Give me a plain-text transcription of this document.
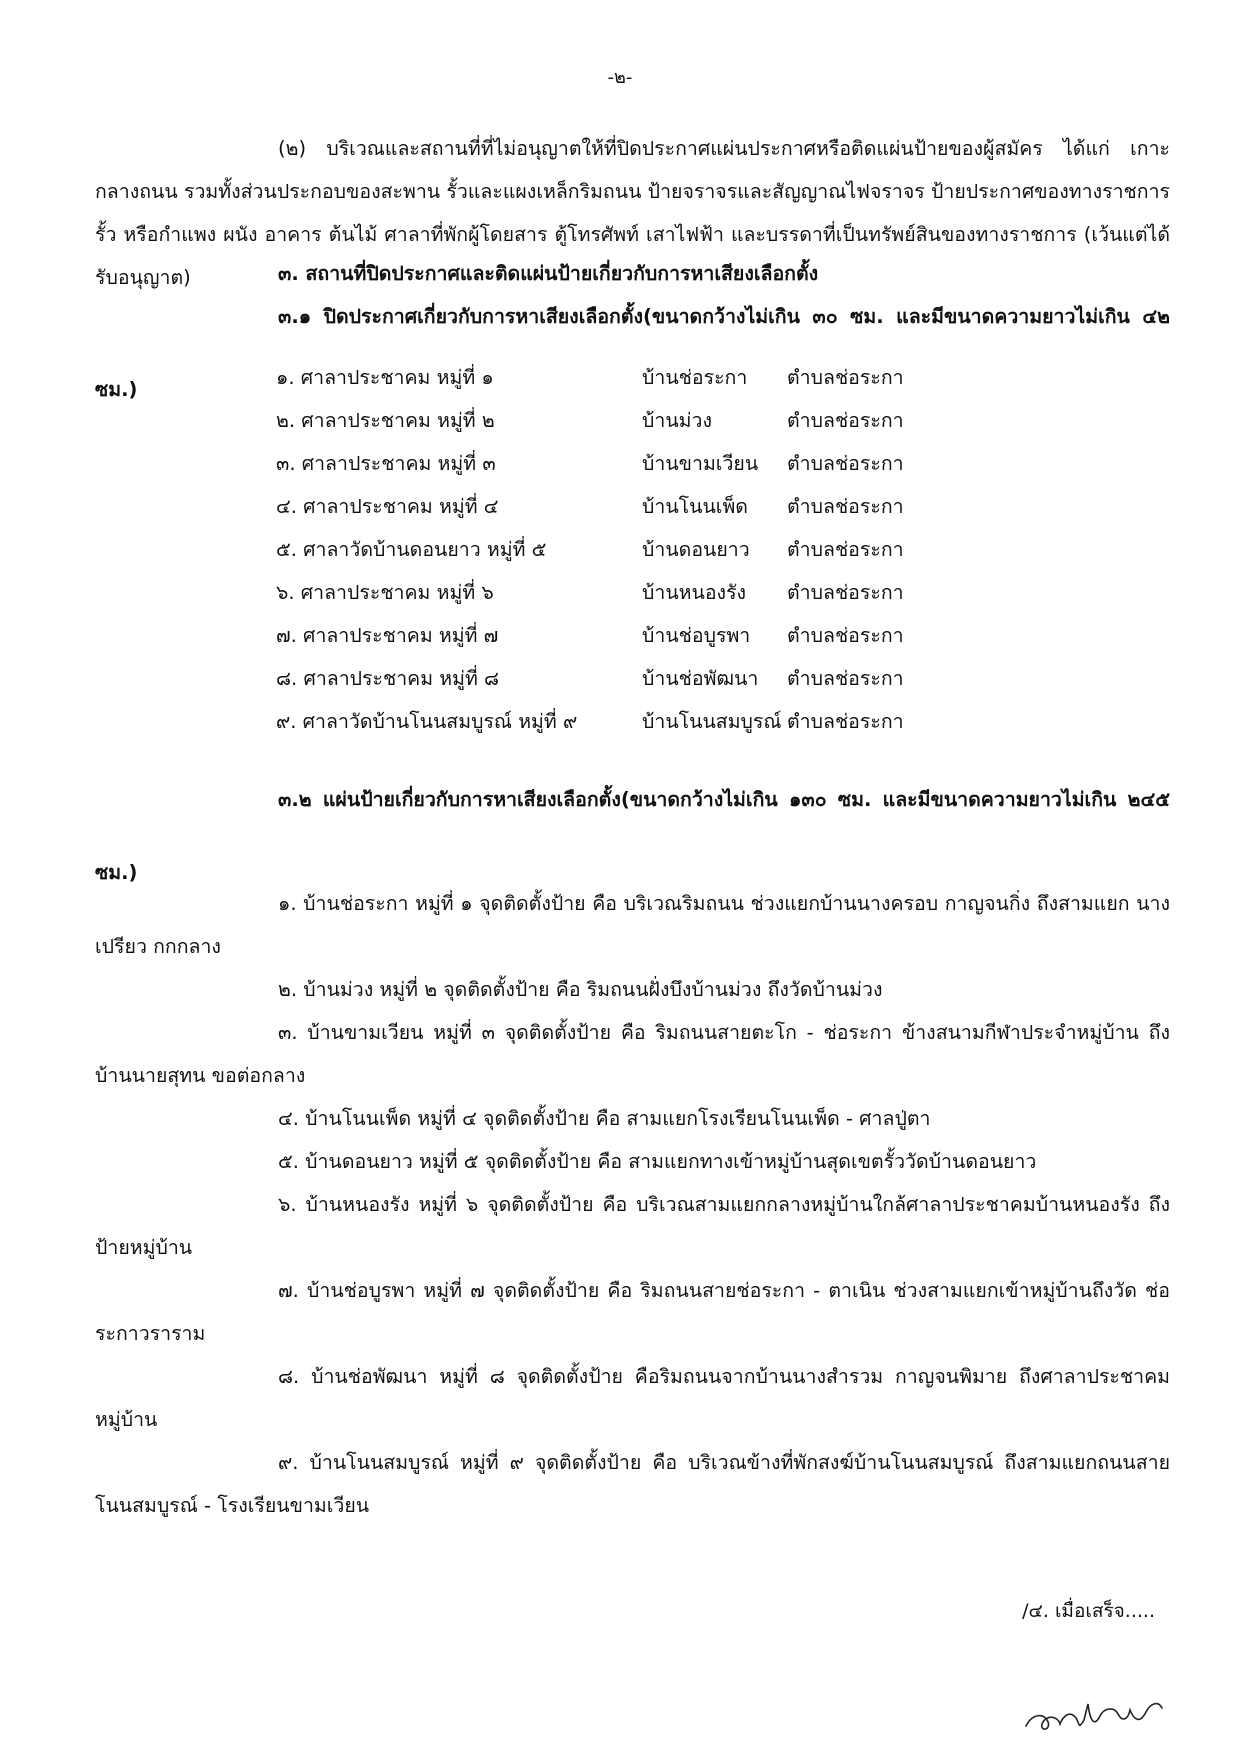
-๒-

(๒) บริเวณและสถานที่ที่ไม่อนุญาตให้ที่ปิดประกาศแผ่นประกาศหรือติดแผ่นป้ายของผู้สมัคร ได้แก่ เกาะกลางถนน รวมทั้งส่วนประกอบของสะพาน รั้วและแผงเหล็กริมถนน ป้ายจราจรและสัญญาณไฟจราจร ป้ายประกาศของทางราชการ รั้ว หรือกำแพง ผนัง อาคาร ต้นไม้ ศาลาที่พักผู้โดยสาร ตู้โทรศัพท์ เสาไฟฟ้า และบรรดาที่เป็นทรัพย์สินของทางราชการ (เว้นแต่ได้รับอนุญาต)	๓. สถานที่ปิดประกาศและติดแผ่นป้ายเกี่ยวกับการหาเสียงเลือกตั้ง

๓.๑ ปิดประกาศเกี่ยวกับการหาเสียงเลือกตั้ง(ขนาดกว้างไม่เกิน ๓๐ ซม. และมีขนาดความยาวไม่เกิน ๔๒ ซม.)

๑. ศาลาประชาคม หมู่ที่ ๑	บ้านช่อระกา ตำบลช่อระกา
๒. ศาลาประชาคม หมู่ที่ ๒	บ้านม่วง	ตำบลช่อระกา
๓. ศาลาประชาคม หมู่ที่ ๓	บ้านขามเวียน ตำบลช่อระกา
๔. ศาลาประชาคม หมู่ที่ ๔	บ้านโนนเพ็ด ตำบลช่อระกา
๕. ศาลาวัดบ้านดอนยาว หมู่ที่ ๕	บ้านดอนยาว ตำบลช่อระกา
๖. ศาลาประชาคม หมู่ที่ ๖	บ้านหนองรัง ตำบลช่อระกา
๗. ศาลาประชาคม หมู่ที่ ๗	บ้านช่อบูรพา ตำบลช่อระกา
๘. ศาลาประชาคม หมู่ที่ ๘	บ้านช่อพัฒนา ตำบลช่อระกา
๙. ศาลาวัดบ้านโนนสมบูรณ์ หมู่ที่ ๙	บ้านโนนสมบูรณ์ ตำบลช่อระกา

๓.๒ แผ่นป้ายเกี่ยวกับการหาเสียงเลือกตั้ง(ขนาดกว้างไม่เกิน ๑๓๐ ซม. และมีขนาดความยาวไม่เกิน ๒๔๕ ซม.)

๑. บ้านช่อระกา หมู่ที่ ๑ จุดติดตั้งป้าย คือ บริเวณริมถนน ช่วงแยกบ้านนางครอบ กาญจนกิ่ง ถึงสามแยก นางเปรียว กกกลาง

๒. บ้านม่วง หมู่ที่ ๒ จุดติดตั้งป้าย คือ ริมถนนฝั่งบึงบ้านม่วง ถึงวัดบ้านม่วง

๓. บ้านขามเวียน หมู่ที่ ๓ จุดติดตั้งป้าย คือ ริมถนนสายตะโก - ช่อระกา ข้างสนามกีฬาประจำหมู่บ้าน ถึงบ้านนายสุทน ขอต่อกลาง

๔. บ้านโนนเพ็ด หมู่ที่ ๔ จุดติดตั้งป้าย คือ สามแยกโรงเรียนโนนเพ็ด - ศาลปู่ตา

๕. บ้านดอนยาว หมู่ที่ ๕ จุดติดตั้งป้าย คือ สามแยกทางเข้าหมู่บ้านสุดเขตรั้ววัดบ้านดอนยาว

๖. บ้านหนองรัง หมู่ที่ ๖ จุดติดตั้งป้าย คือ บริเวณสามแยกกลางหมู่บ้านใกล้ศาลาประชาคมบ้านหนองรัง ถึงป้ายหมู่บ้าน

๗. บ้านช่อบูรพา หมู่ที่ ๗ จุดติดตั้งป้าย คือ ริมถนนสายช่อระกา - ตาเนิน ช่วงสามแยกเข้าหมู่บ้านถึงวัด ช่อระกาวราราม

๘. บ้านช่อพัฒนา หมู่ที่ ๘ จุดติดตั้งป้าย คือริมถนนจากบ้านนางสำรวม กาญจนพิมาย ถึงศาลาประชาคม หมู่บ้าน

๙. บ้านโนนสมบูรณ์ หมู่ที่ ๙ จุดติดตั้งป้าย คือ บริเวณข้างที่พักสงฆ์บ้านโนนสมบูรณ์ ถึงสามแยกถนนสาย โนนสมบูรณ์ - โรงเรียนขามเวียน

/๔. เมื่อเสร็จ.....
